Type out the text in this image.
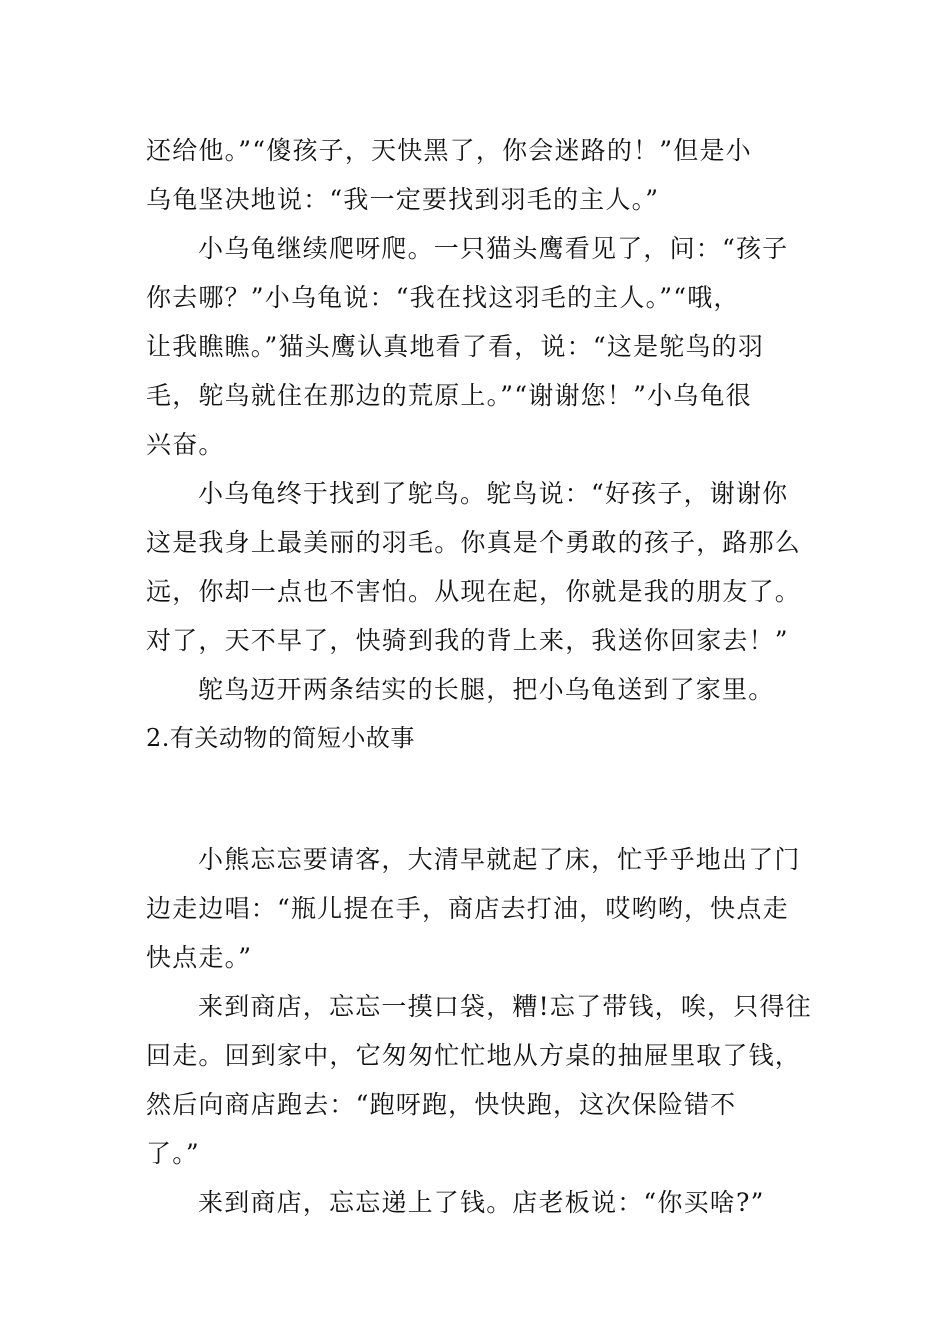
还给他。”“傻孩子，天快黑了，你会迷路的！”但是小
乌龟坚决地说：“我一定要找到羽毛的主人。”
小乌龟继续爬呀爬。一只猫头鹰看见了，问：“孩子
你去哪？”小乌龟说：“我在找这羽毛的主人。”“哦，
让我瞧瞧。”猫头鹰认真地看了看，说：“这是鸵鸟的羽
毛，鸵鸟就住在那边的荒原上。”“谢谢您！”小乌龟很
兴奋。
小乌龟终于找到了鸵鸟。鸵鸟说：“好孩子，谢谢你
这是我身上最美丽的羽毛。你真是个勇敢的孩子，路那么
远，你却一点也不害怕。从现在起，你就是我的朋友了。
对了，天不早了，快骑到我的背上来，我送你回家去！”
鸵鸟迈开两条结实的长腿，把小乌龟送到了家里。
2.有关动物的简短小故事
小熊忘忘要请客，大清早就起了床，忙乎乎地出了门
边走边唱：“瓶儿提在手，商店去打油，哎哟哟，快点走
快点走。”
来到商店，忘忘一摸口袋，糟!忘了带钱，唉，只得往
回走。回到家中，它匆匆忙忙地从方桌的抽屉里取了钱，
然后向商店跑去：“跑呀跑，快快跑，这次保险错不
了。”
来到商店，忘忘递上了钱。店老板说：“你买啥?”
